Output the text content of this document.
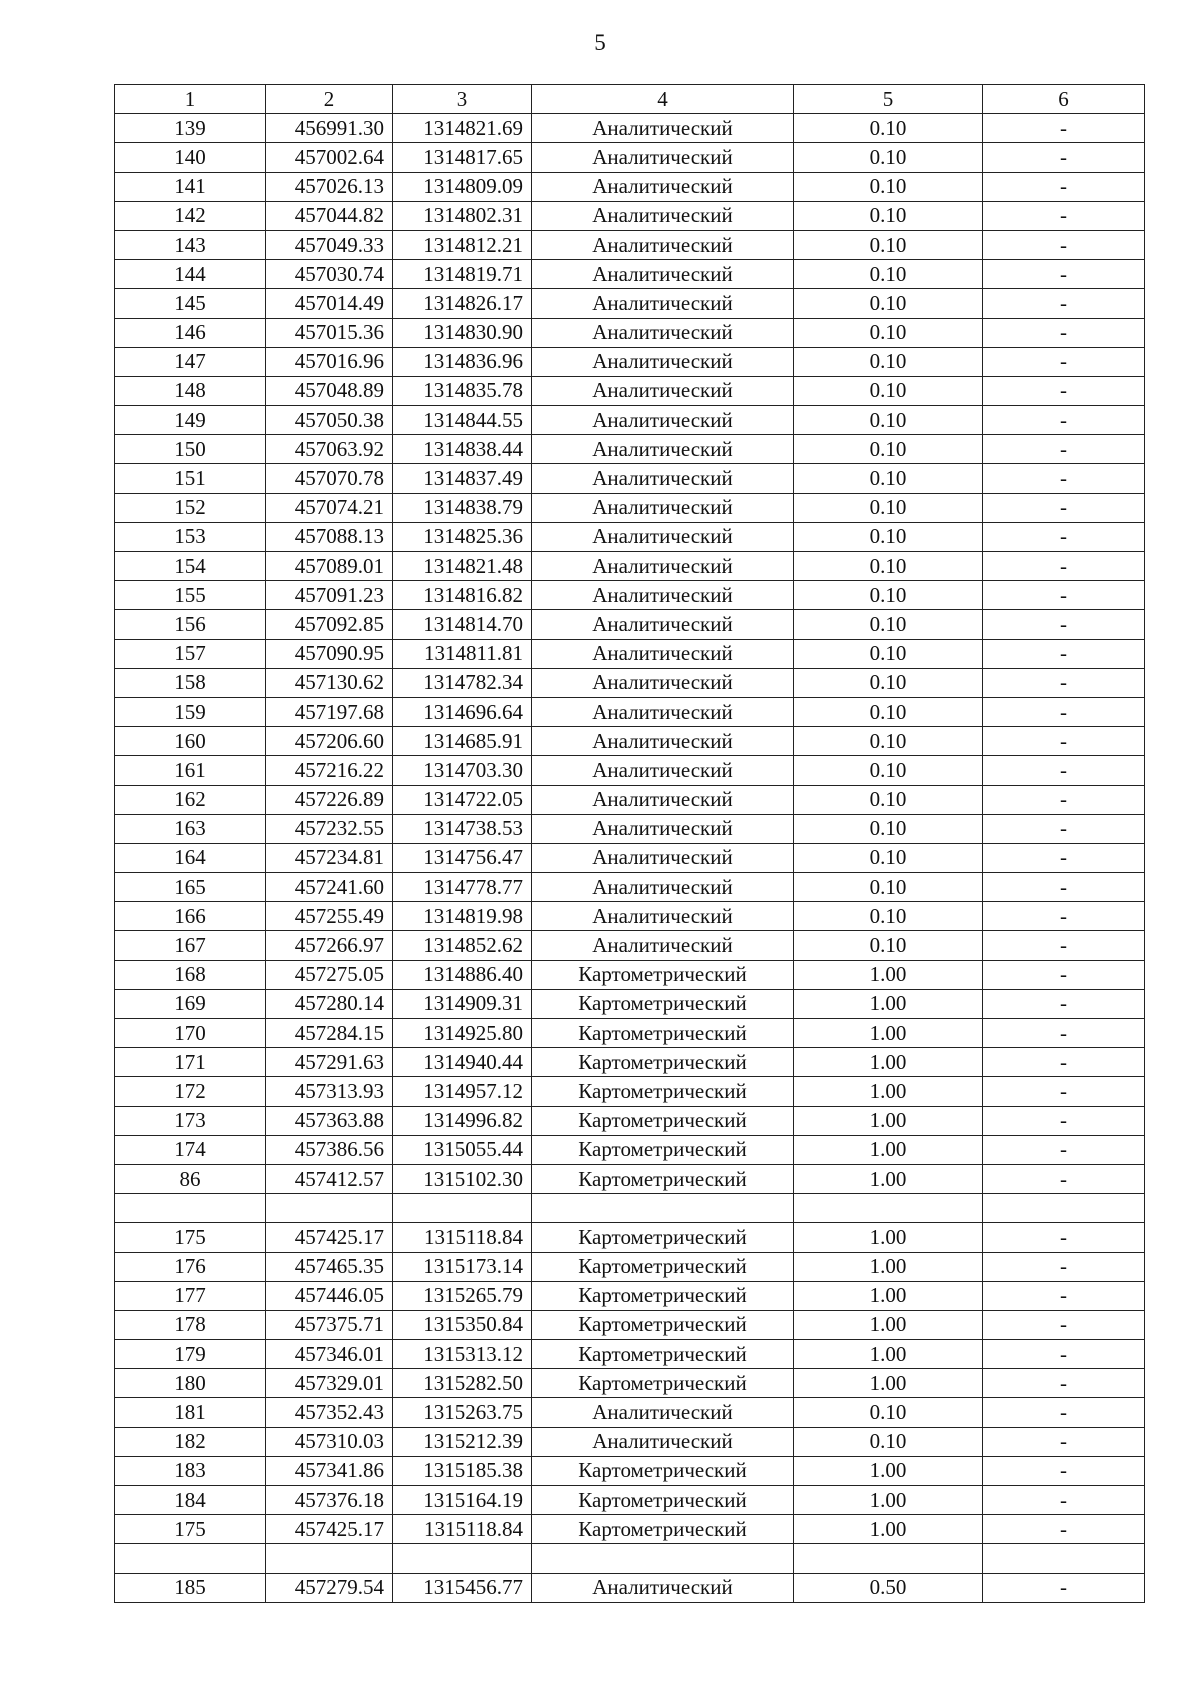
5
1	2	3	4	5	6
139	456991.30	1314821.69	Аналитический	0.10	-
140	457002.64	1314817.65	Аналитический	0.10	-
141	457026.13	1314809.09	Аналитический	0.10	-
142	457044.82	1314802.31	Аналитический	0.10	-
143	457049.33	1314812.21	Аналитический	0.10	-
144	457030.74	1314819.71	Аналитический	0.10	-
145	457014.49	1314826.17	Аналитический	0.10	-
146	457015.36	1314830.90	Аналитический	0.10	-
147	457016.96	1314836.96	Аналитический	0.10	-
148	457048.89	1314835.78	Аналитический	0.10	-
149	457050.38	1314844.55	Аналитический	0.10	-
150	457063.92	1314838.44	Аналитический	0.10	-
151	457070.78	1314837.49	Аналитический	0.10	-
152	457074.21	1314838.79	Аналитический	0.10	-
153	457088.13	1314825.36	Аналитический	0.10	-
154	457089.01	1314821.48	Аналитический	0.10	-
155	457091.23	1314816.82	Аналитический	0.10	-
156	457092.85	1314814.70	Аналитический	0.10	-
157	457090.95	1314811.81	Аналитический	0.10	-
158	457130.62	1314782.34	Аналитический	0.10	-
159	457197.68	1314696.64	Аналитический	0.10	-
160	457206.60	1314685.91	Аналитический	0.10	-
161	457216.22	1314703.30	Аналитический	0.10	-
162	457226.89	1314722.05	Аналитический	0.10	-
163	457232.55	1314738.53	Аналитический	0.10	-
164	457234.81	1314756.47	Аналитический	0.10	-
165	457241.60	1314778.77	Аналитический	0.10	-
166	457255.49	1314819.98	Аналитический	0.10	-
167	457266.97	1314852.62	Аналитический	0.10	-
168	457275.05	1314886.40	Картометрический	1.00	-
169	457280.14	1314909.31	Картометрический	1.00	-
170	457284.15	1314925.80	Картометрический	1.00	-
171	457291.63	1314940.44	Картометрический	1.00	-
172	457313.93	1314957.12	Картометрический	1.00	-
173	457363.88	1314996.82	Картометрический	1.00	-
174	457386.56	1315055.44	Картометрический	1.00	-
86	457412.57	1315102.30	Картометрический	1.00	-

175	457425.17	1315118.84	Картометрический	1.00	-
176	457465.35	1315173.14	Картометрический	1.00	-
177	457446.05	1315265.79	Картометрический	1.00	-
178	457375.71	1315350.84	Картометрический	1.00	-
179	457346.01	1315313.12	Картометрический	1.00	-
180	457329.01	1315282.50	Картометрический	1.00	-
181	457352.43	1315263.75	Аналитический	0.10	-
182	457310.03	1315212.39	Аналитический	0.10	-
183	457341.86	1315185.38	Картометрический	1.00	-
184	457376.18	1315164.19	Картометрический	1.00	-
175	457425.17	1315118.84	Картометрический	1.00	-

185	457279.54	1315456.77	Аналитический	0.50	-
